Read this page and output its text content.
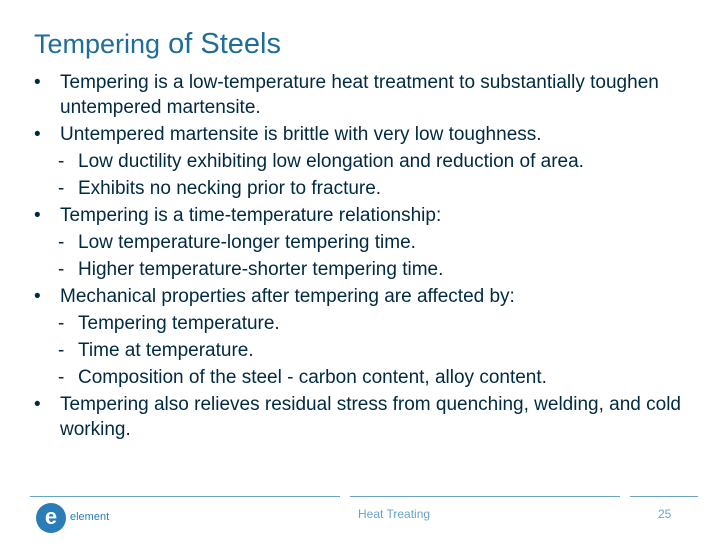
Tempering of Steels
• Tempering is a low-temperature heat treatment to substantially toughen untempered martensite.
• Untempered martensite is brittle with very low toughness.
- Low ductility exhibiting low elongation and reduction of area.
- Exhibits no necking prior to fracture.
• Tempering is a time-temperature relationship:
- Low temperature-longer tempering time.
- Higher temperature-shorter tempering time.
• Mechanical properties after tempering are affected by:
- Tempering temperature.
- Time at temperature.
- Composition of the steel - carbon content, alloy content.
• Tempering also relieves residual stress from quenching, welding, and cold working.
e	element	Heat Treating	25
